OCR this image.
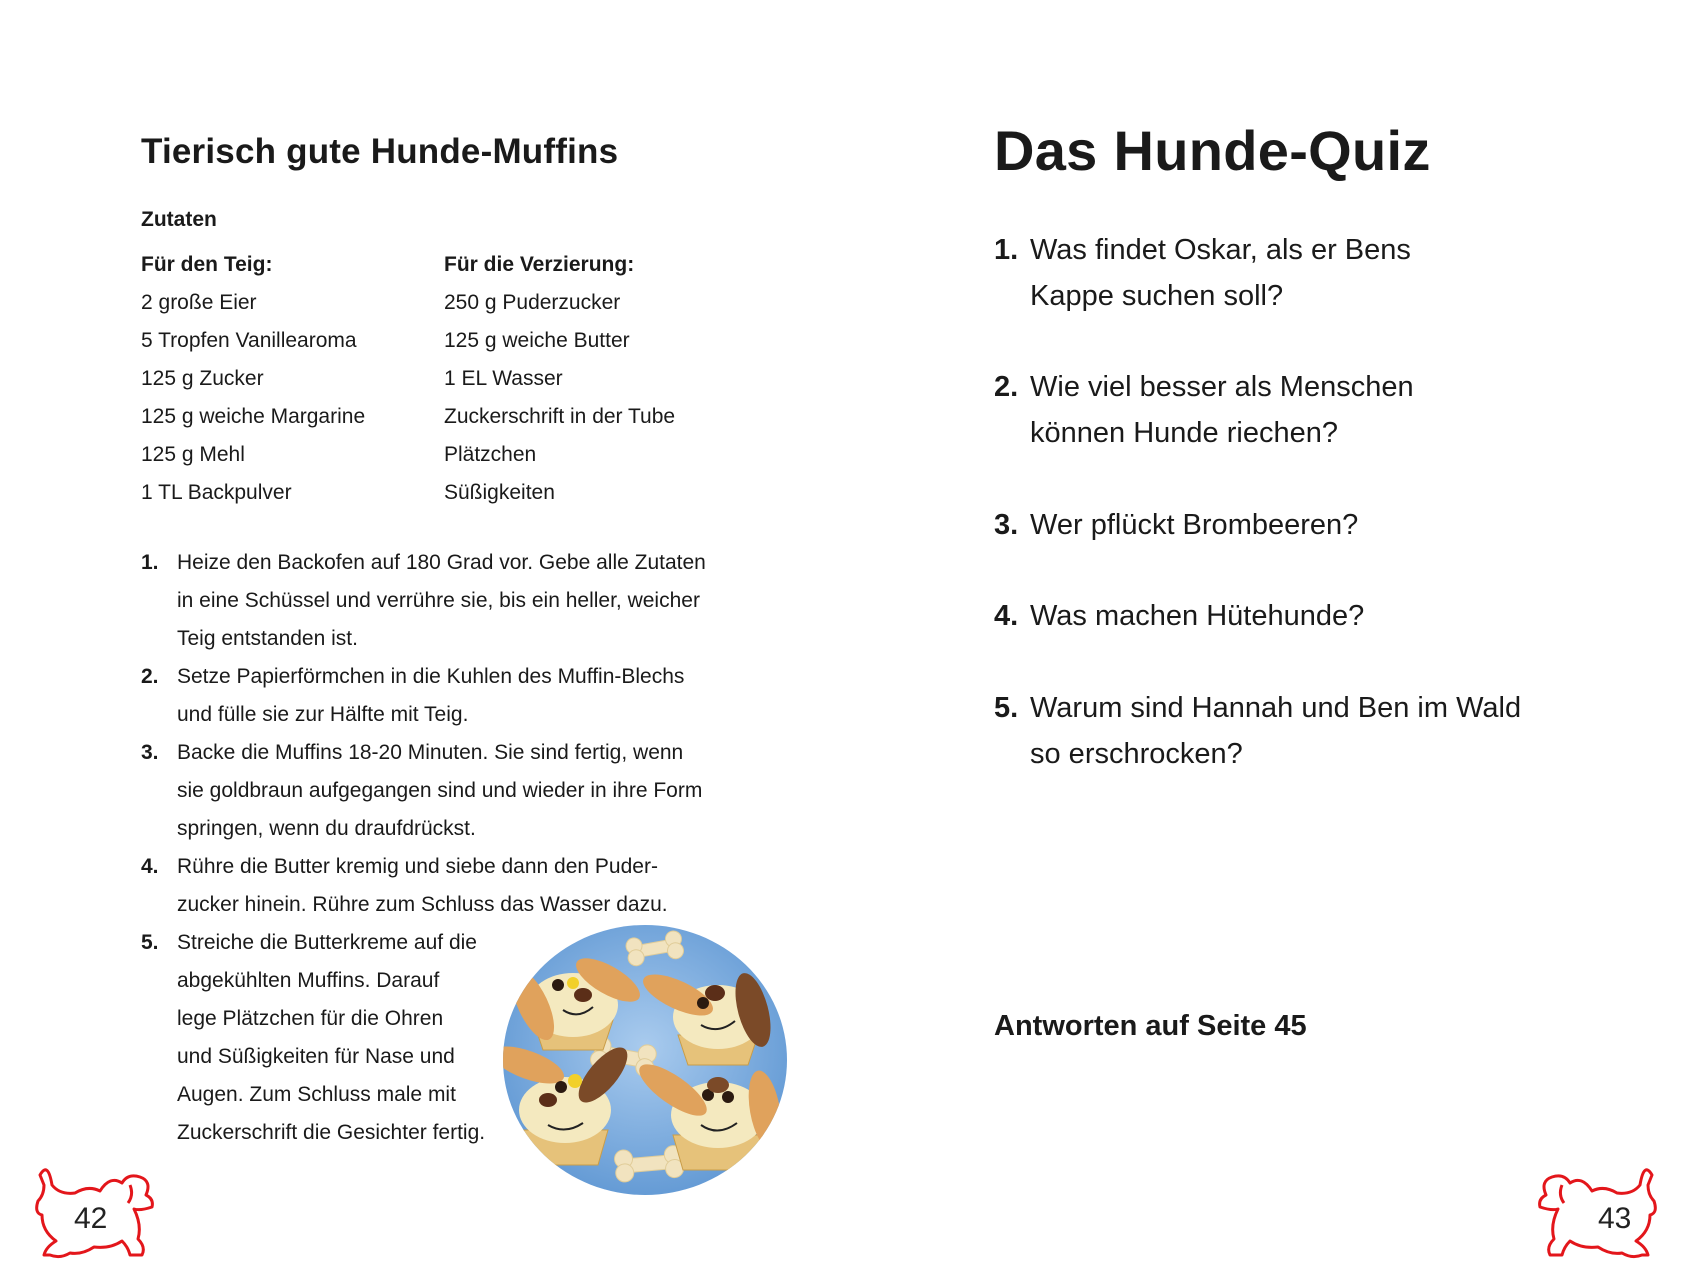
Tierisch gute Hunde-Muffins
Zutaten
Für den Teig:
2 große Eier
5 Tropfen Vanillearoma
125 g Zucker
125 g weiche Margarine
125 g Mehl
1 TL Backpulver
Für die Verzierung:
250 g Puderzucker
125 g weiche Butter
1 EL Wasser
Zuckerschrift in der Tube
Plätzchen
Süßigkeiten
1. Heize den Backofen auf 180 Grad vor. Gebe alle Zutaten
in eine Schüssel und verrühre sie, bis ein heller, weicher
Teig entstanden ist.
2. Setze Papierförmchen in die Kuhlen des Muffin-Blechs
und fülle sie zur Hälfte mit Teig.
3. Backe die Muffins 18-20 Minuten. Sie sind fertig, wenn
sie goldbraun aufgegangen sind und wieder in ihre Form
springen, wenn du draufdrückst.
4. Rühre die Butter kremig und siebe dann den Puder-
zucker hinein. Rühre zum Schluss das Wasser dazu.
5. Streiche die Butterkreme auf die
abgekühlten Muffins. Darauf
lege Plätzchen für die Ohren
und Süßigkeiten für Nase und
Augen. Zum Schluss male mit
Zuckerschrift die Gesichter fertig.
42
Das Hunde-Quiz
1. Was findet Oskar, als er Bens
Kappe suchen soll?
2. Wie viel besser als Menschen
können Hunde riechen?
3. Wer pflückt Brombeeren?
4. Was machen Hütehunde?
5. Warum sind Hannah und Ben im Wald
so erschrocken?
Antworten auf Seite 45
43
